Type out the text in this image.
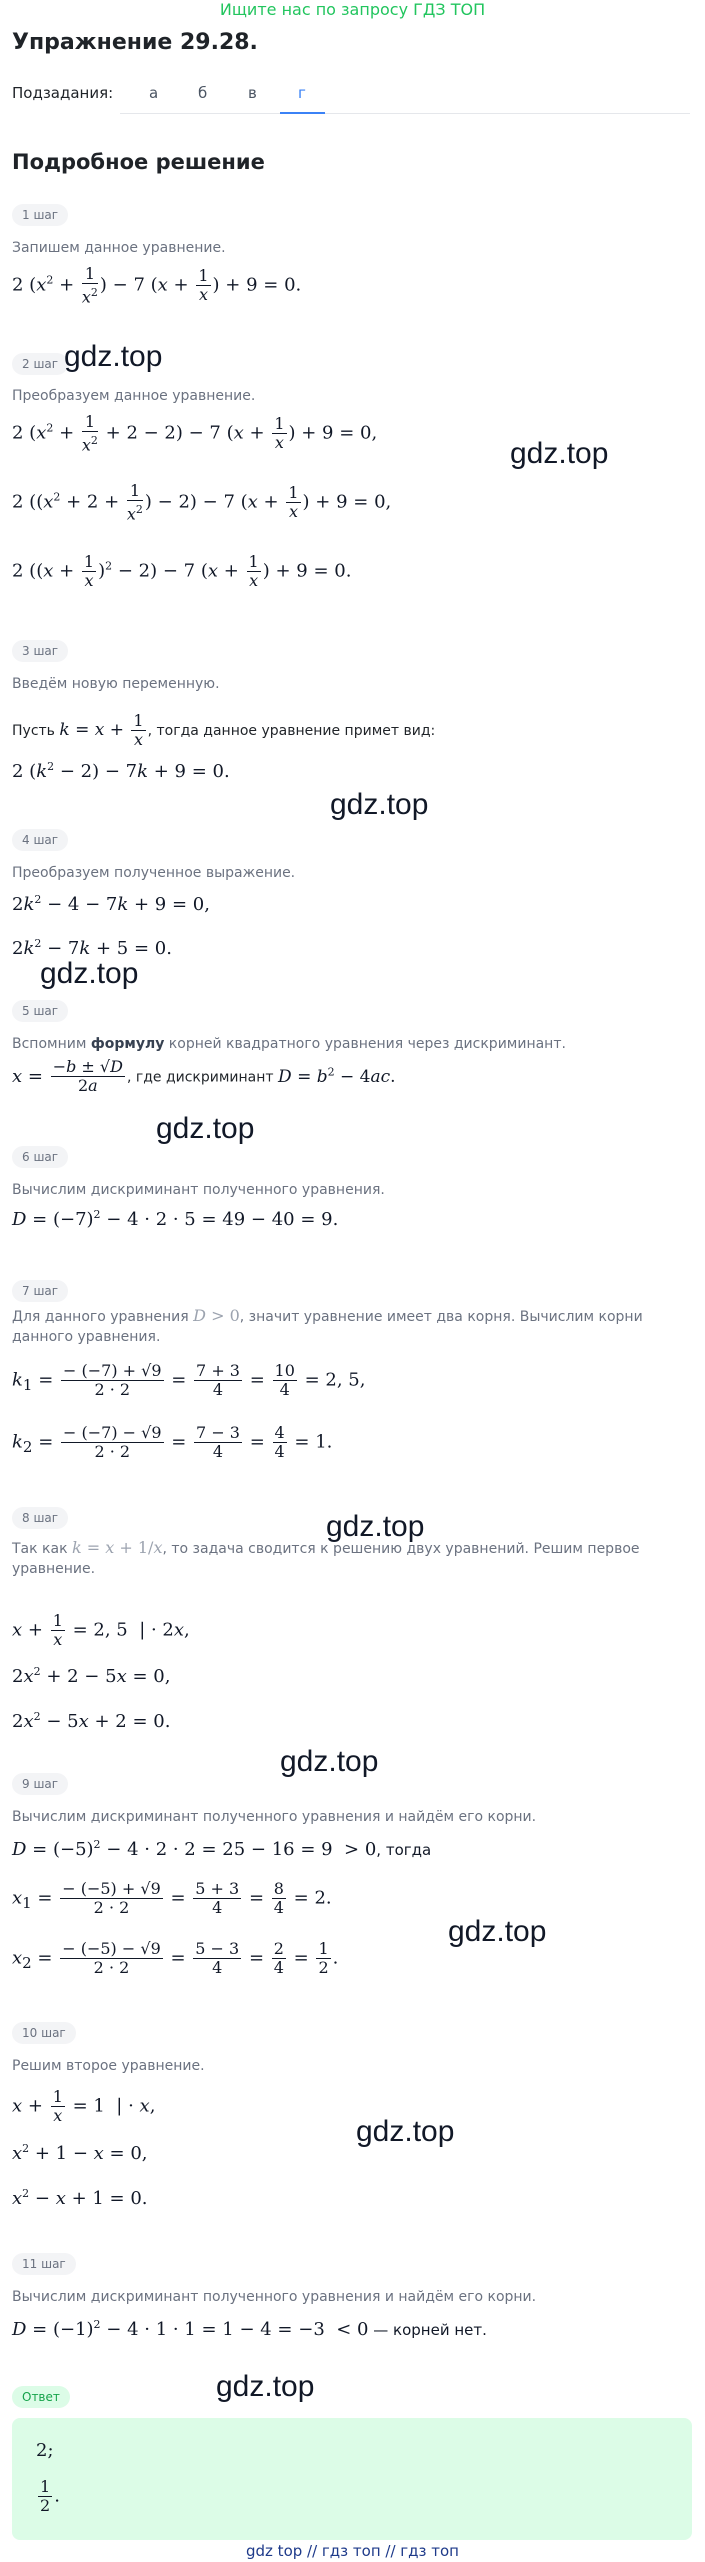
Ищите нас по запросу ГДЗ ТОП
Упражнение 29.28.
Подзадания: а	б	в	г
Подробное решение
1 шаг
Запишем данное уравнение.
2 ($x^2 + \frac{1}{x^2}$ ) − 7 ($x + \frac{1}{x}$ ) + 9 = 0.
2 шаг gdz.top
Преобразуем данное уравнение.
2 $(x^2 + \frac{1}{x^2} + 2 - 2) - 7$ ($x + \frac{1}{x}$ ) + 9 = 0,
gdz.top
2 (($x^2 + 2 + \frac{1}{x^2}$ ) − 2) − 7 ($x + \frac{1}{x}$ ) + 9 = 0,
2 $((x + \frac{1}{x} )^2 - 2) - 7$ ($x + \frac{1}{x}$ ) + 9 = 0.
3 шаг
Введём новую переменную.
Пусть $k = x + \frac{1}{x}$ , тогда данное уравнение примет вид:
2 $(k^2 - 2) - 7k + 9 = 0$.
gdz.top
4 шаг
Преобразуем полученное выражение.
$2k^2 - 4 - 7k + 9 = 0$,
$2k^2 - 7k + 5 = 0$.
gdz.top
5 шаг
Вспомним формулу корней квадратного уравнения через дискриминант.
$x = \frac{-b \pm √D}{2a}$ , где дискриминант $D = b^2 - 4ac$.
gdz.top
6 шаг
Вычислим дискриминант полученного уравнения.
$D = (-7)^2 - 4 \cdot 2 \cdot 5 = 49 - 40 = 9$.
7 шаг
Для данного уравнения D > 0, значит уравнение имеет два корня. Вычислим корни данного уравнения.
$k_1 = \frac{- (-7) + √9}{2 \cdot 2} = \frac{7 + 3}{4} = \frac{10}{4} = 2$, 5,
$k_2 = \frac{- (-7) - √9}{2 \cdot 2} = \frac{7 - 3}{4} = \frac{4}{4} = 1$.
gdz.top
8 шаг
Так как k = x + 1/x, то задача сводится к решению двух уравнений. Решим первое уравнение.
$x + \frac{1}{x} = 2$, 5  | · 2x,
$2x^2 + 2 - 5x = 0$,
$2x^2 - 5x + 2 = 0$.
gdz.top
9 шаг
Вычислим дискриминант полученного уравнения и найдём его корни.
$D = (-5)^2 - 4 \cdot 2 \cdot 2 = 25 - 16 = 9 > 0$, тогда
$x_1 = \frac{- (-5) + √9}{2 \cdot 2} = \frac{5 + 3}{4} = \frac{8}{4} = 2$.
gdz.top
$x_2 = \frac{- (-5) - √9}{2 \cdot 2} = \frac{5 - 3}{4} = \frac{2}{4} = \frac{1}{2}$ .
10 шаг
Решим второе уравнение.
$x + \frac{1}{x} = 1$  | · x,
gdz.top
$x^2 + 1 - x = 0$,
$x^2 - x + 1 = 0$.
11 шаг
Вычислим дискриминант полученного уравнения и найдём его корни.
$D = (-1)^2 - 4 \cdot 1 \cdot 1 = 1 - 4 = -3 < 0$ — корней нет.
Ответ	gdz.top
2;
$\frac{1}{2}$ .
gdz top // гдз топ // гдз топ
